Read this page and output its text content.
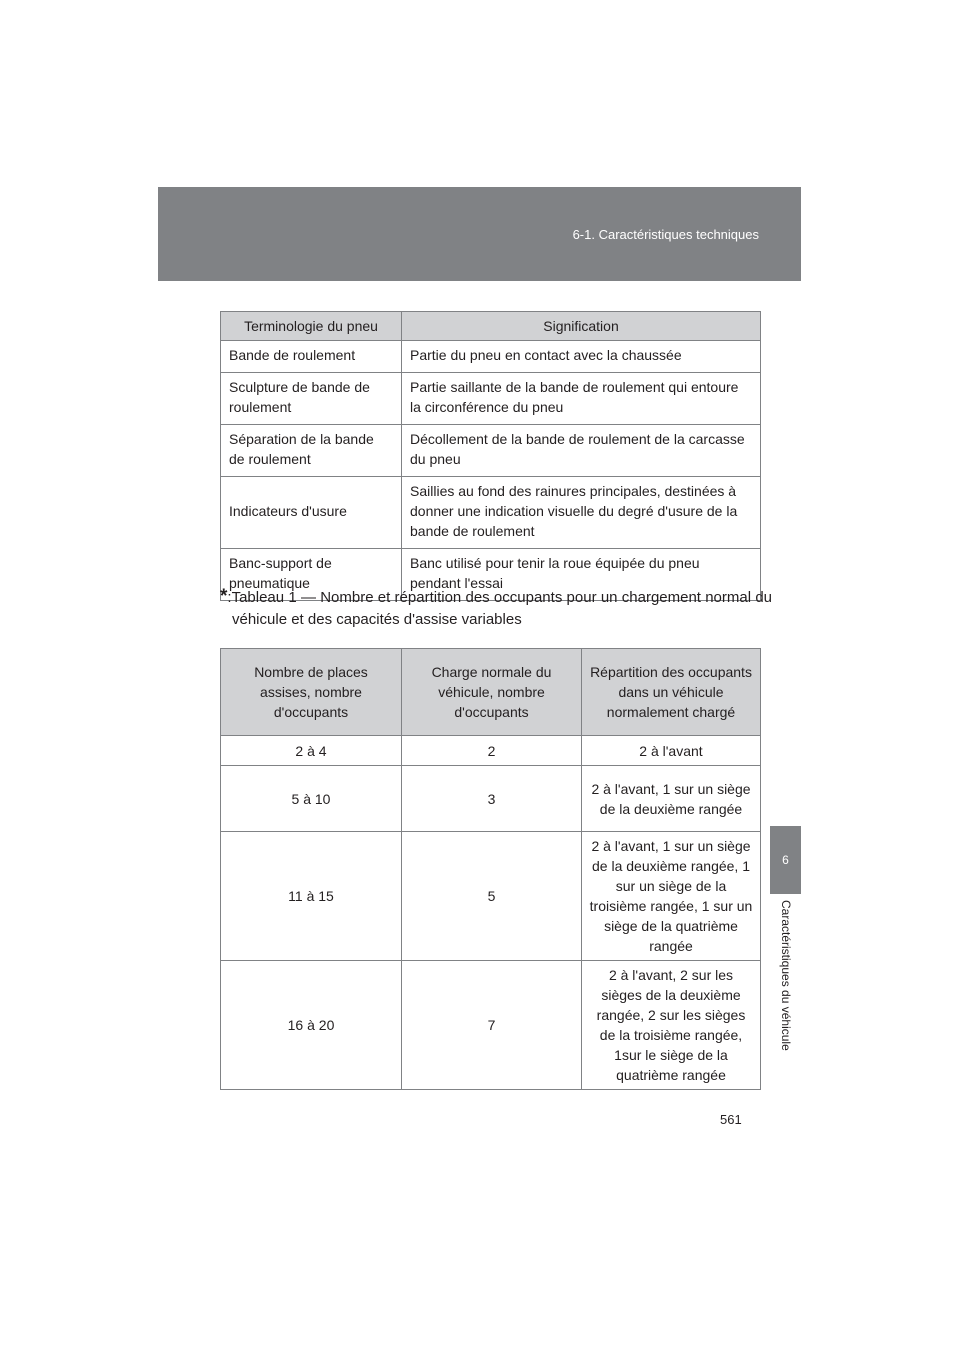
6-1. Caractéristiques techniques
6
Caractéristiques du véhicule
Terminologie du pneu	Signification
Bande de roulement	Partie du pneu en contact avec la chaussée
Sculpture de bande de roulement	Partie saillante de la bande de roulement qui entoure la circonférence du pneu
Séparation de la bande de roulement	Décollement de la bande de roulement de la carcasse du pneu
Indicateurs d'usure	Saillies au fond des rainures principales, destinées à donner une indication visuelle du degré d'usure de la bande de roulement
Banc-support de pneumatique	Banc utilisé pour tenir la roue équipée du pneu pendant l'essai
*:Tableau 1 — Nombre et répartition des occupants pour un chargement normal du véhicule et des capacités d'assise variables
Nombre de places assises, nombre d'occupants	Charge normale du véhicule, nombre d'occupants	Répartition des occupants dans un véhicule normalement chargé
2 à 4	2	2 à l'avant
5 à 10	3	2 à l'avant, 1 sur un siège de la deuxième rangée
11 à 15	5	2 à l'avant, 1 sur un siège de la deuxième rangée, 1 sur un siège de la troisième rangée, 1 sur un siège de la quatrième rangée
16 à 20	7	2 à l'avant, 2 sur les sièges de la deuxième rangée, 2 sur les sièges de la troisième rangée, 1sur le siège de la quatrième rangée
561
